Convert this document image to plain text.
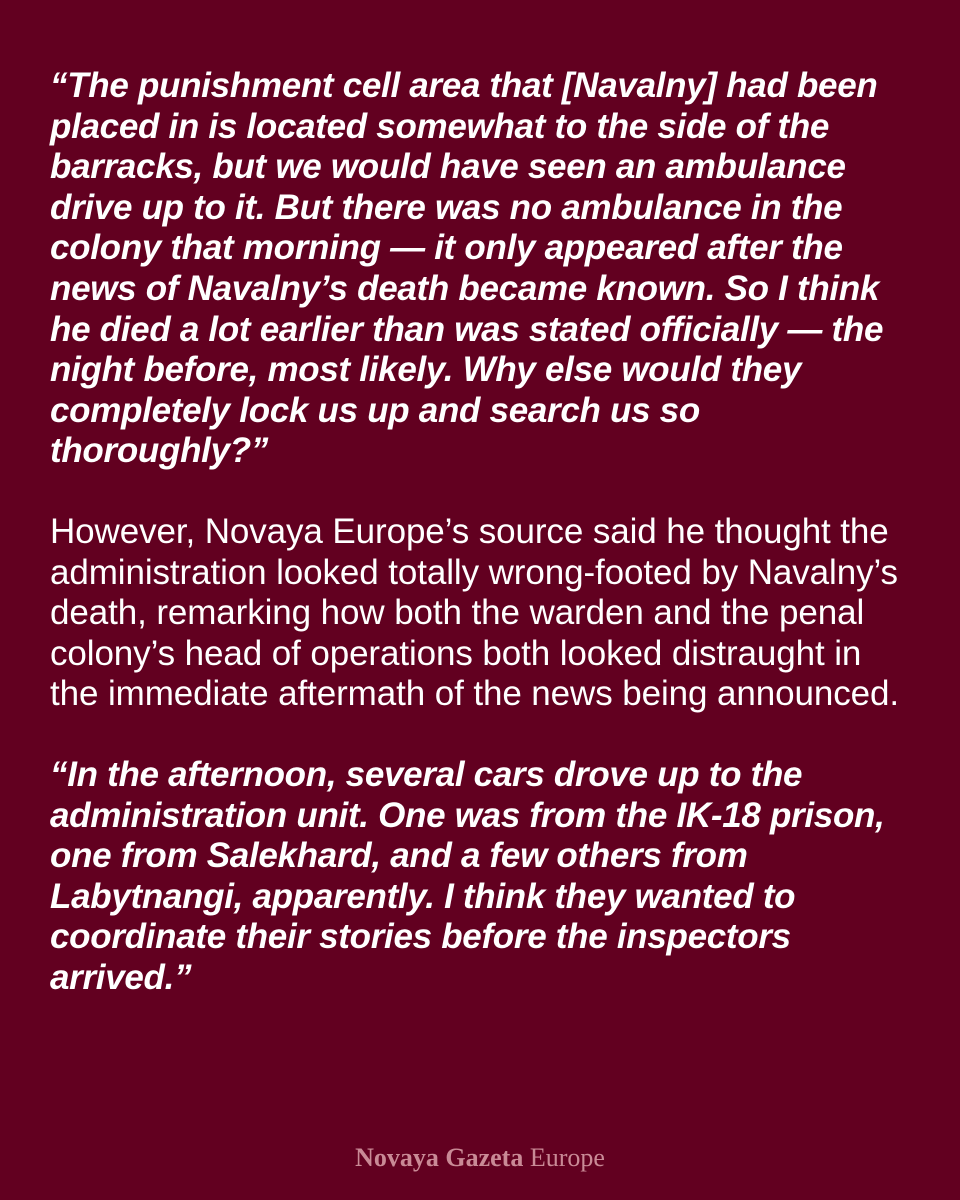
“The punishment cell area that [Navalny] had been placed in is located somewhat to the side of the barracks, but we would have seen an ambulance drive up to it. But there was no ambulance in the colony that morning — it only appeared after the news of Navalny’s death became known. So I think he died a lot earlier than was stated officially — the night before, most likely. Why else would they completely lock us up and search us so thoroughly?”

However, Novaya Europe’s source said he thought the administration looked totally wrong-footed by Navalny’s death, remarking how both the warden and the penal colony’s head of operations both looked distraught in the immediate aftermath of the news being announced.

“In the afternoon, several cars drove up to the administration unit. One was from the IK-18 prison, one from Salekhard, and a few others from Labytnangi, apparently. I think they wanted to coordinate their stories before the inspectors arrived.”

Novaya Gazeta Europe
